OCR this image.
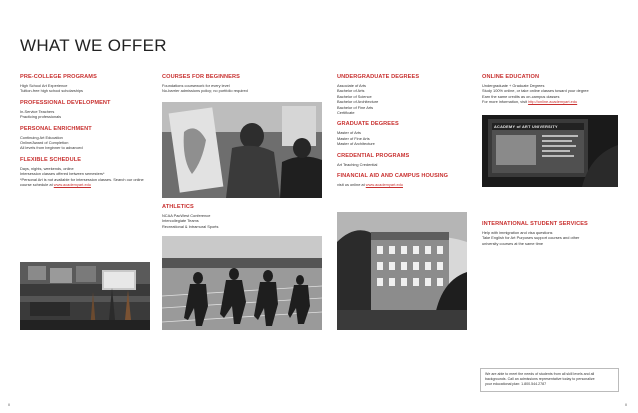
WHAT WE OFFER
PRE-COLLEGE PROGRAMS
High School Art Experience
Tuition-free high school scholarships
PROFESSIONAL DEVELOPMENT
In-Service Teachers
Practicing professionals
PERSONAL ENRICHMENT
Continuing Art Education
Online/Award of Completion
All levels from beginner to advanced
FLEXIBLE SCHEDULE
Days, nights, weekends, online
Intersession classes offered between semesters*
*Personal Art is not available for intersession classes. Search our online
course schedule at www.academyart.edu
COURSES FOR BEGINNERS
Foundations coursework for every level
No-barrier admissions policy; no portfolio required
ATHLETICS
NCAA PacWest Conference
Intercollegiate Teams
Recreational & Intramural Sports
UNDERGRADUATE DEGREES
Associate of Arts
Bachelor of Arts
Bachelor of Science
Bachelor of Architecture
Bachelor of Fine Arts
Certificate
GRADUATE DEGREES
Master of Arts
Master of Fine Arts
Master of Architecture
CREDENTIAL PROGRAMS
Art Teaching Credential
FINANCIAL AID AND CAMPUS HOUSING
visit us online at www.academyart.edu
ONLINE EDUCATION
Undergraduate + Graduate Degrees
Study 100% online, or take online classes toward your degree
Earn the same credits as on-campus classes
For more information, visit http://online.academyart.edu
ACADEMY of ART UNIVERSITY
INTERNATIONAL STUDENT SERVICES
Help with immigration and visa questions
Take English for Art Purposes support courses and other
university courses at the same time
We are able to meet the needs of students from all skill levels and all
backgrounds. Call an admissions representative today to personalize
your educational plan: 1.800.544.2787
II	II
